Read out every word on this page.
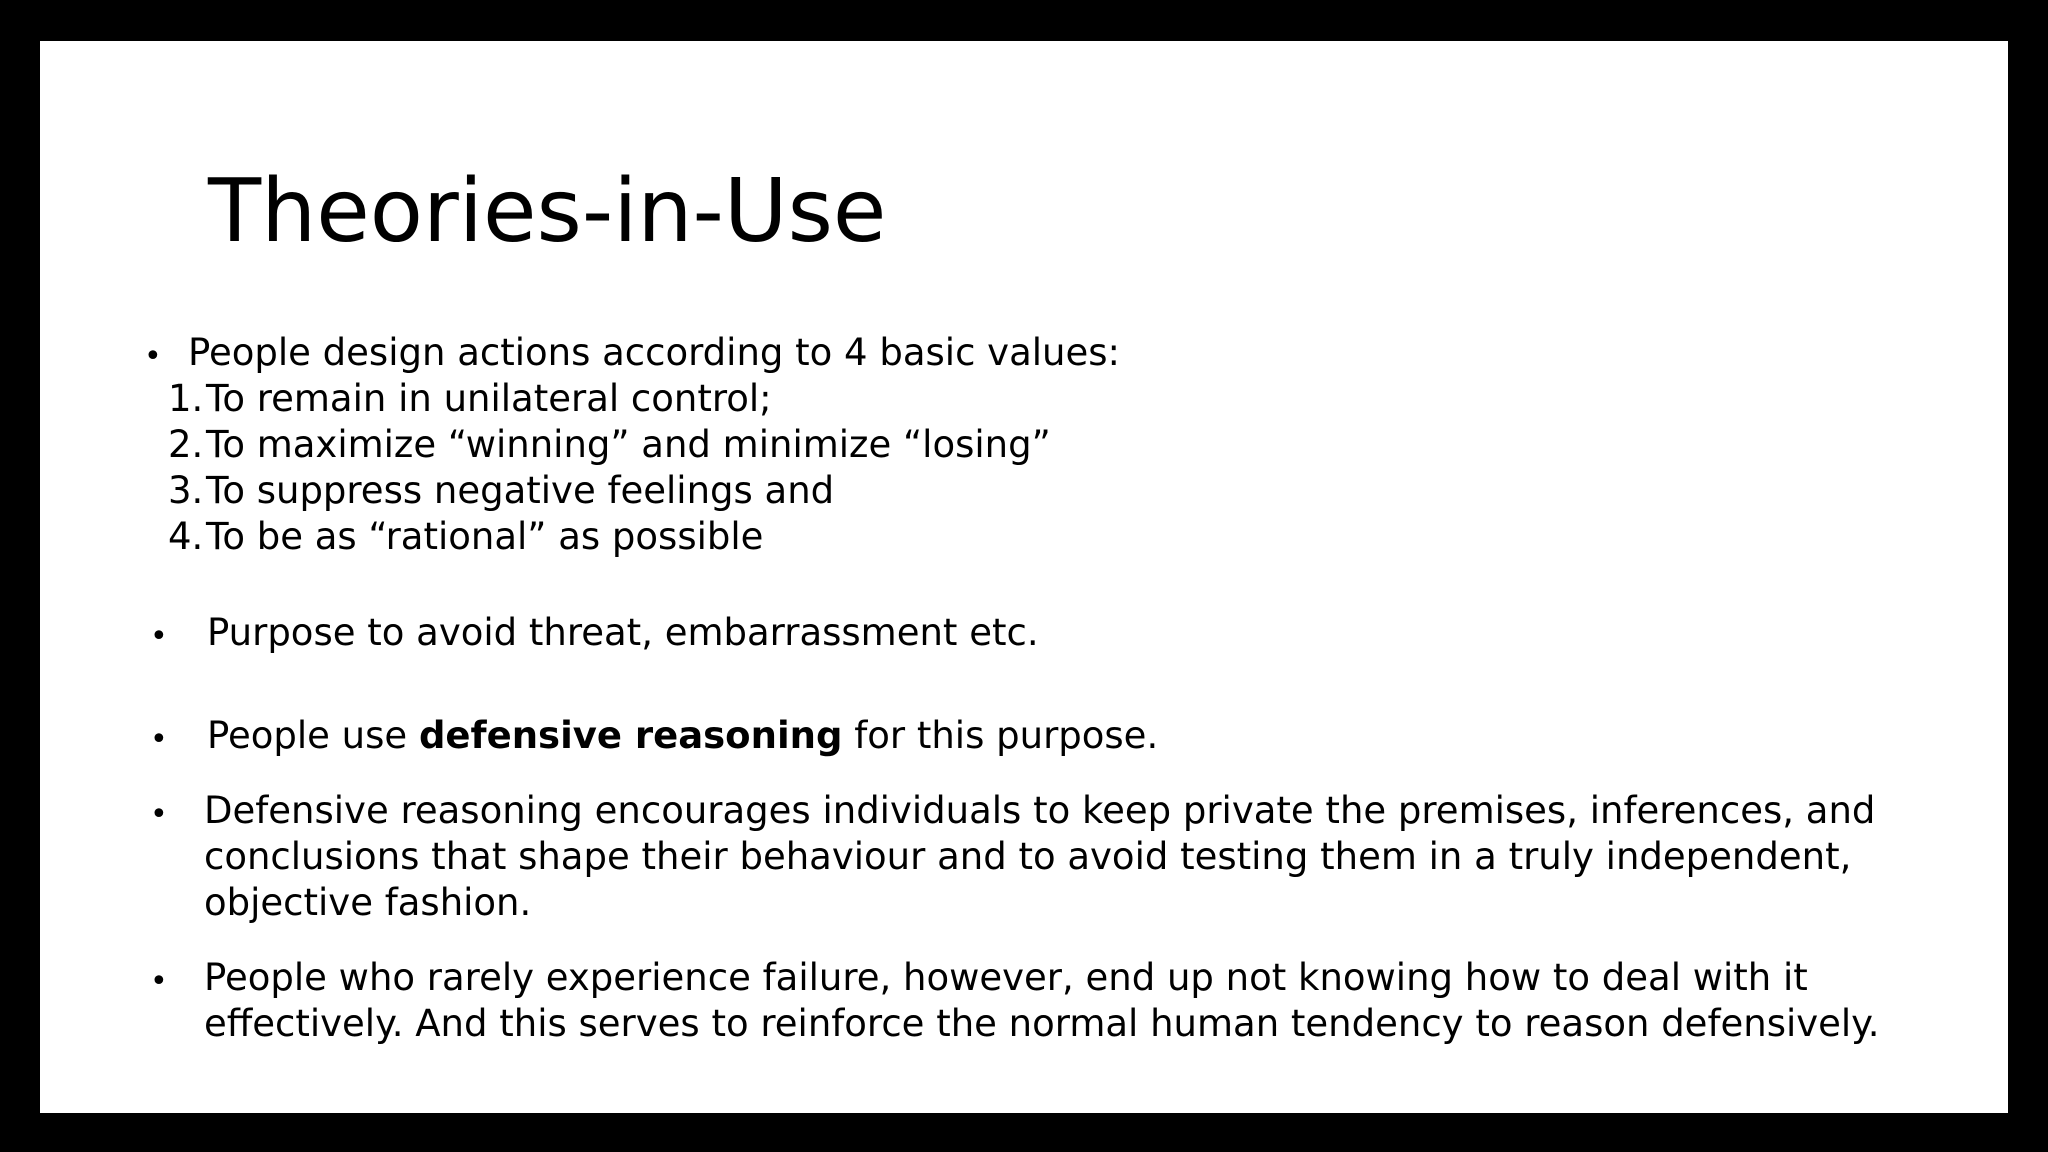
Theories-in-Use
• People design actions according to 4 basic values:
1.To remain in unilateral control;
2.To maximize “winning” and minimize “losing”
3.To suppress negative feelings and
4.To be as “rational” as possible
• Purpose to avoid threat, embarrassment etc.
• People use defensive reasoning for this purpose.
• Defensive reasoning encourages individuals to keep private the premises, inferences, and
conclusions that shape their behaviour and to avoid testing them in a truly independent,
objective fashion.
• People who rarely experience failure, however, end up not knowing how to deal with it
effectively. And this serves to reinforce the normal human tendency to reason defensively.
